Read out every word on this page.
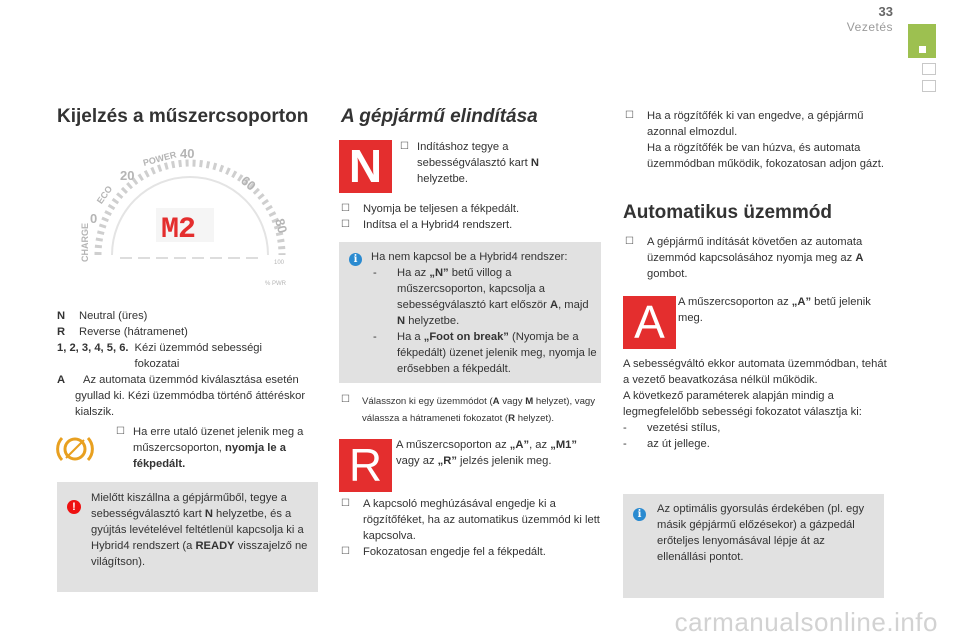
33
Vezetés
Kijelzés a műszercsoporton
CHARGE
0
ECO
20
POWER 40
60
80
100
M2
% PWR
N Neutral (üres)
R Reverse (hátramenet)
1, 2, 3, 4, 5, 6. Kézi üzemmód sebességi fokozatai
A Az automata üzemmód kiválasztása esetén gyullad ki. Kézi üzemmódba történő áttéréskor kialszik.
☐ Ha erre utaló üzenet jelenik meg a műszercsoporton, nyomja le a fékpedált.
!
Mielőtt kiszállna a gépjárműből, tegye a sebességválasztó kart N helyzetbe, és a gyújtás levételével feltétlenül kapcsolja ki a Hybrid4 rendszert (a READY visszajelző ne világítson).
A gépjármű elindítása
N	☐ Indításhoz tegye a sebességválasztó kart N helyzetbe.
☐ Nyomja be teljesen a fékpedált.
☐ Indítsa el a Hybrid4 rendszert.
i	Ha nem kapcsol be a Hybrid4 rendszer:
- Ha az „N” betű villog a műszercsoporton, kapcsolja a sebességválasztó kart először A, majd N helyzetbe.
- Ha a „Foot on break” (Nyomja be a fékpedált) üzenet jelenik meg, nyomja le erősebben a fékpedált.
☐ Válasszon ki egy üzemmódot (A vagy M helyzet), vagy válassza a hátrameneti fokozatot (R helyzet).
R	A műszercsoporton az „A”, az „M1” vagy az „R” jelzés jelenik meg.
☐ A kapcsoló meghúzásával engedje ki a rögzítőféket, ha az automatikus üzemmód ki lett kapcsolva.
☐ Fokozatosan engedje fel a fékpedált.
☐ Ha a rögzítőfék ki van engedve, a gépjármű azonnal elmozdul.
Ha a rögzítőfék be van húzva, és automata üzemmódban működik, fokozatosan adjon gázt.
Automatikus üzemmód
☐ A gépjármű indítását követően az automata üzemmód kapcsolásához nyomja meg az A gombot.
A	A műszercsoporton az „A” betű jelenik meg.
A sebességváltó ekkor automata üzemmódban, tehát a vezető beavatkozása nélkül működik.
A következő paraméterek alapján mindig a legmegfelelőbb sebességi fokozatot választja ki:
- vezetési stílus,
- az út jellege.
i	Az optimális gyorsulás érdekében (pl. egy másik gépjármű előzésekor) a gázpedál erőteljes lenyomásával lépje át az ellenállási pontot.
carmanualsonline.info
